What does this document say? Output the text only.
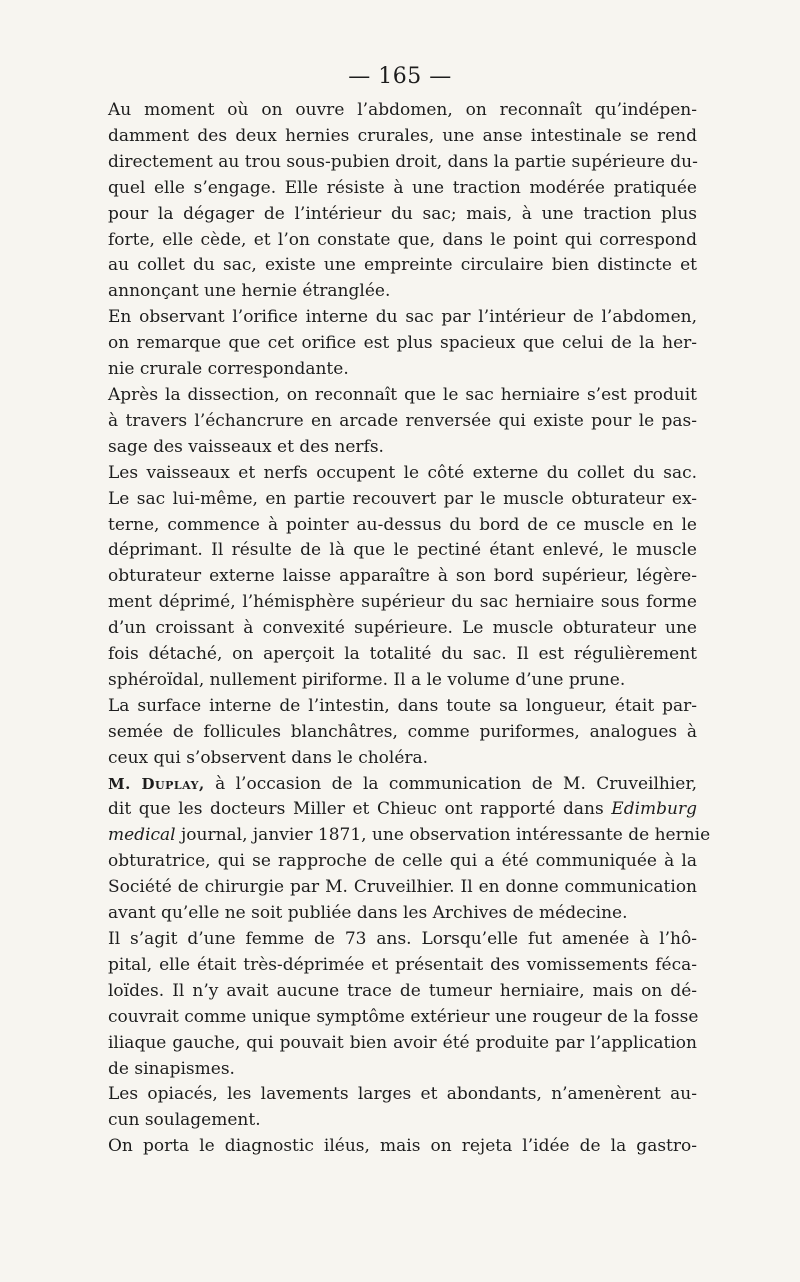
— 165 —
Au moment où on ouvre l’abdomen, on reconnaît qu’indépen-
damment des deux hernies crurales, une anse intestinale se rend
directement au trou sous-pubien droit, dans la partie supérieure du-
quel elle s’engage. Elle résiste à une traction modérée pratiquée
pour la dégager de l’intérieur du sac; mais, à une traction plus
forte, elle cède, et l’on constate que, dans le point qui correspond
au collet du sac, existe une empreinte circulaire bien distincte et
annonçant une hernie étranglée.
En observant l’orifice interne du sac par l’intérieur de l’abdomen,
on remarque que cet orifice est plus spacieux que celui de la her-
nie crurale correspondante.
Après la dissection, on reconnaît que le sac herniaire s’est produit
à travers l’échancrure en arcade renversée qui existe pour le pas-
sage des vaisseaux et des nerfs.
Les vaisseaux et nerfs occupent le côté externe du collet du sac.
Le sac lui-même, en partie recouvert par le muscle obturateur ex-
terne, commence à pointer au-dessus du bord de ce muscle en le
déprimant. Il résulte de là que le pectiné étant enlevé, le muscle
obturateur externe laisse apparaître à son bord supérieur, légère-
ment déprimé, l’hémisphère supérieur du sac herniaire sous forme
d’un croissant à convexité supérieure. Le muscle obturateur une
fois détaché, on aperçoit la totalité du sac. Il est régulièrement
sphéroïdal, nullement piriforme. Il a le volume d’une prune.
La surface interne de l’intestin, dans toute sa longueur, était par-
semée de follicules blanchâtres, comme puriformes, analogues à
ceux qui s’observent dans le choléra.
M. Duplay, à l’occasion de la communication de M. Cruveilhier,
dit que les docteurs Miller et Chieuc ont rapporté dans Edimburg
medical journal, janvier 1871, une observation intéressante de hernie
obturatrice, qui se rapproche de celle qui a été communiquée à la
Société de chirurgie par M. Cruveilhier. Il en donne communication
avant qu’elle ne soit publiée dans les Archives de médecine.
Il s’agit d’une femme de 73 ans. Lorsqu’elle fut amenée à l’hô-
pital, elle était très-déprimée et présentait des vomissements féca-
loïdes. Il n’y avait aucune trace de tumeur herniaire, mais on dé-
couvrait comme unique symptôme extérieur une rougeur de la fosse
iliaque gauche, qui pouvait bien avoir été produite par l’application
de sinapismes.
Les opiacés, les lavements larges et abondants, n’amenèrent au-
cun soulagement.
On porta le diagnostic iléus, mais on rejeta l’idée de la gastro-
